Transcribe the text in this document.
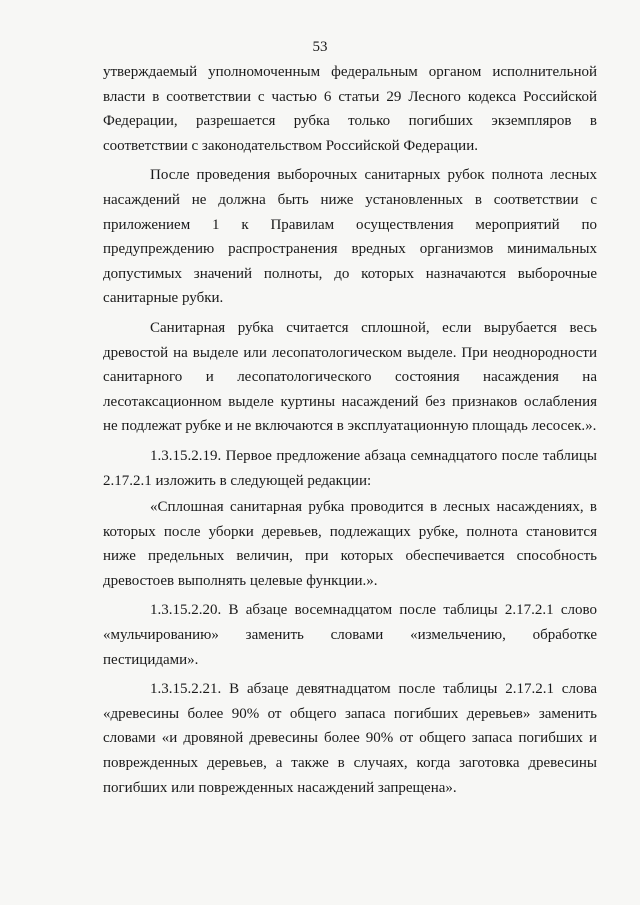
53

утверждаемый уполномоченным федеральным органом исполнительной власти в соответствии с частью 6 статьи 29 Лесного кодекса Российской Федерации, разрешается рубка только погибших экземпляров в соответствии с законодательством Российской Федерации.

После проведения выборочных санитарных рубок полнота лесных насаждений не должна быть ниже установленных в соответствии с приложением 1 к Правилам осуществления мероприятий по предупреждению распространения вредных организмов минимальных допустимых значений полноты, до которых назначаются выборочные санитарные рубки.

Санитарная рубка считается сплошной, если вырубается весь древостой на выделе или лесопатологическом выделе. При неоднородности санитарного и лесопатологического состояния насаждения на лесотаксационном выделе куртины насаждений без признаков ослабления не подлежат рубке и не включаются в эксплуатационную площадь лесосек.».

1.3.15.2.19. Первое предложение абзаца семнадцатого после таблицы 2.17.2.1 изложить в следующей редакции:

«Сплошная санитарная рубка проводится в лесных насаждениях, в которых после уборки деревьев, подлежащих рубке, полнота становится ниже предельных величин, при которых обеспечивается способность древостоев выполнять целевые функции.».

1.3.15.2.20. В абзаце восемнадцатом после таблицы 2.17.2.1 слово «мульчированию» заменить словами «измельчению, обработке пестицидами».

1.3.15.2.21. В абзаце девятнадцатом после таблицы 2.17.2.1 слова «древесины более 90% от общего запаса погибших деревьев» заменить словами «и дровяной древесины более 90% от общего запаса погибших и поврежденных деревьев, а также в случаях, когда заготовка древесины погибших или поврежденных насаждений запрещена».
